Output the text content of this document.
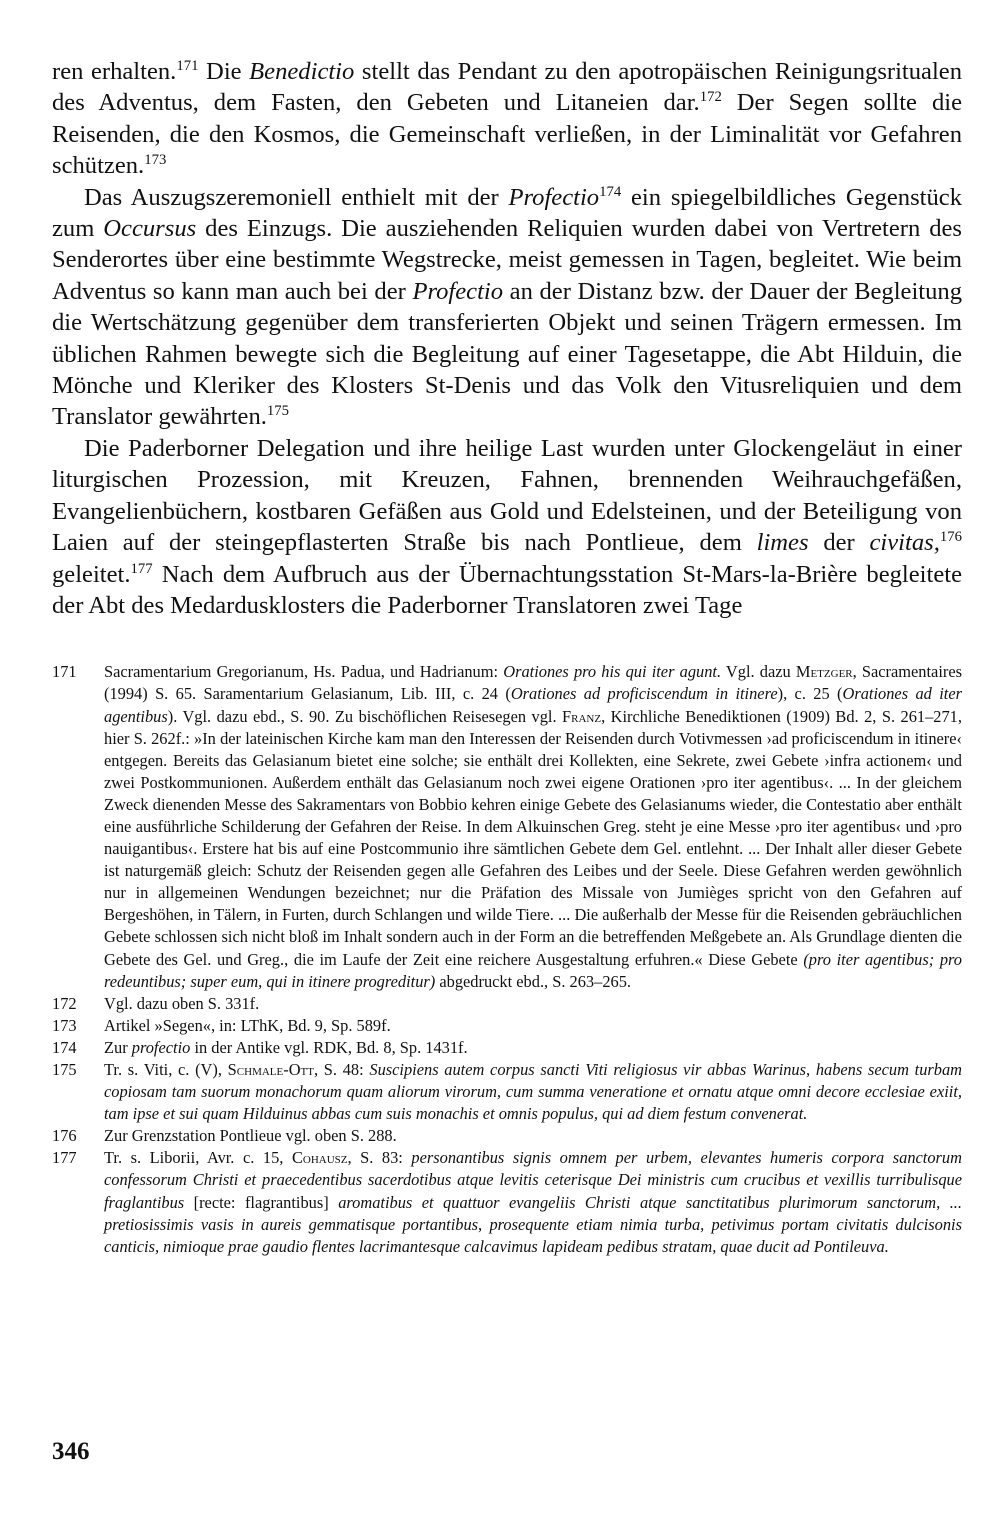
ren erhalten.$^{171}$ Die Benedictio stellt das Pendant zu den apotropäischen Reinigungsritualen des Adventus, dem Fasten, den Gebeten und Litaneien dar.$^{172}$ Der Segen sollte die Reisenden, die den Kosmos, die Gemeinschaft verließen, in der Liminalität vor Gefahren schützen.$^{173}$

Das Auszugszeremoniell enthielt mit der Profectio$^{174}$ ein spiegelbildliches Gegenstück zum Occursus des Einzugs. Die ausziehenden Reliquien wurden dabei von Vertretern des Senderortes über eine bestimmte Wegstrecke, meist gemessen in Tagen, begleitet. Wie beim Adventus so kann man auch bei der Profectio an der Distanz bzw. der Dauer der Begleitung die Wertschätzung gegenüber dem transferierten Objekt und seinen Trägern ermessen. Im üblichen Rahmen bewegte sich die Begleitung auf einer Tagesetappe, die Abt Hilduin, die Mönche und Kleriker des Klosters St-Denis und das Volk den Vitusreliquien und dem Translator gewährten.$^{175}$

Die Paderborner Delegation und ihre heilige Last wurden unter Glockengeläut in einer liturgischen Prozession, mit Kreuzen, Fahnen, brennenden Weihrauchgefäßen, Evangelienbüchern, kostbaren Gefäßen aus Gold und Edelsteinen, und der Beteiligung von Laien auf der steingepflasterten Straße bis nach Pontlieue, dem limes der civitas,$^{176}$ geleitet.$^{177}$ Nach dem Aufbruch aus der Übernachtungsstation St-Mars-la-Brière begleitete der Abt des Medardusklosters die Paderborner Translatoren zwei Tage

171 Sacramentarium Gregorianum, Hs. Padua, und Hadrianum: Orationes pro his qui iter agunt. Vgl. dazu Metzger, Sacramentaires (1994) S. 65. Saramentarium Gelasianum, Lib. III, c. 24 (Orationes ad proficiscendum in itinere), c. 25 (Orationes ad iter agentibus). Vgl. dazu ebd., S. 90. Zu bischöflichen Reisesegen vgl. Franz, Kirchliche Benediktionen (1909) Bd. 2, S. 261–271, hier S. 262f.: »In der lateinischen Kirche kam man den Interessen der Reisenden durch Votivmessen ›ad proficiscendum in itinere‹ entgegen. Bereits das Gelasianum bietet eine solche; sie enthält drei Kollekten, eine Sekrete, zwei Gebete ›infra actionem‹ und zwei Postkommunionen. Außerdem enthält das Gelasianum noch zwei eigene Orationen ›pro iter agentibus‹. ... In der gleichem Zweck dienenden Messe des Sakramentars von Bobbio kehren einige Gebete des Gelasianums wieder, die Contestatio aber enthält eine ausführliche Schilderung der Gefahren der Reise. In dem Alkuinschen Greg. steht je eine Messe ›pro iter agentibus‹ und ›pro nauigantibus‹. Erstere hat bis auf eine Postcommunio ihre sämtlichen Gebete dem Gel. entlehnt. ... Der Inhalt aller dieser Gebete ist naturgemäß gleich: Schutz der Reisenden gegen alle Gefahren des Leibes und der Seele. Diese Gefahren werden gewöhnlich nur in allgemeinen Wendungen bezeichnet; nur die Präfation des Missale von Jumièges spricht von den Gefahren auf Bergeshöhen, in Tälern, in Furten, durch Schlangen und wilde Tiere. ... Die außerhalb der Messe für die Reisenden gebräuchlichen Gebete schlossen sich nicht bloß im Inhalt sondern auch in der Form an die betreffenden Meßgebete an. Als Grundlage dienten die Gebete des Gel. und Greg., die im Laufe der Zeit eine reichere Ausgestaltung erfuhren.« Diese Gebete (pro iter agentibus; pro redeuntibus; super eum, qui in itinere progreditur) abgedruckt ebd., S. 263–265.
172 Vgl. dazu oben S. 331f.
173 Artikel »Segen«, in: LThK, Bd. 9, Sp. 589f.
174 Zur profectio in der Antike vgl. RDK, Bd. 8, Sp. 1431f.
175 Tr. s. Viti, c. (V), Schmale-Ott, S. 48: Suscipiens autem corpus sancti Viti religiosus vir abbas Warinus, habens secum turbam copiosam tam suorum monachorum quam aliorum virorum, cum summa veneratione et ornatu atque omni decore ecclesiae exiit, tam ipse et sui quam Hilduinus abbas cum suis monachis et omnis populus, qui ad diem festum convenerat.
176 Zur Grenzstation Pontlieue vgl. oben S. 288.
177 Tr. s. Liborii, Avr. c. 15, Cohausz, S. 83: personantibus signis omnem per urbem, elevantes humeris corpora sanctorum confessorum Christi et praecedentibus sacerdotibus atque levitis ceterisque Dei ministris cum crucibus et vexillis turribulisque fraglantibus [recte: flagrantibus] aromatibus et quattuor evangeliis Christi atque sanctitatibus plurimorum sanctorum, ... pretiosissimis vasis in aureis gemmatisque portantibus, prosequente etiam nimia turba, petivimus portam civitatis dulcisonis canticis, nimioque prae gaudio flentes lacrimantesque calcavimus lapideam pedibus stratam, quae ducit ad Pontileuva.
346
